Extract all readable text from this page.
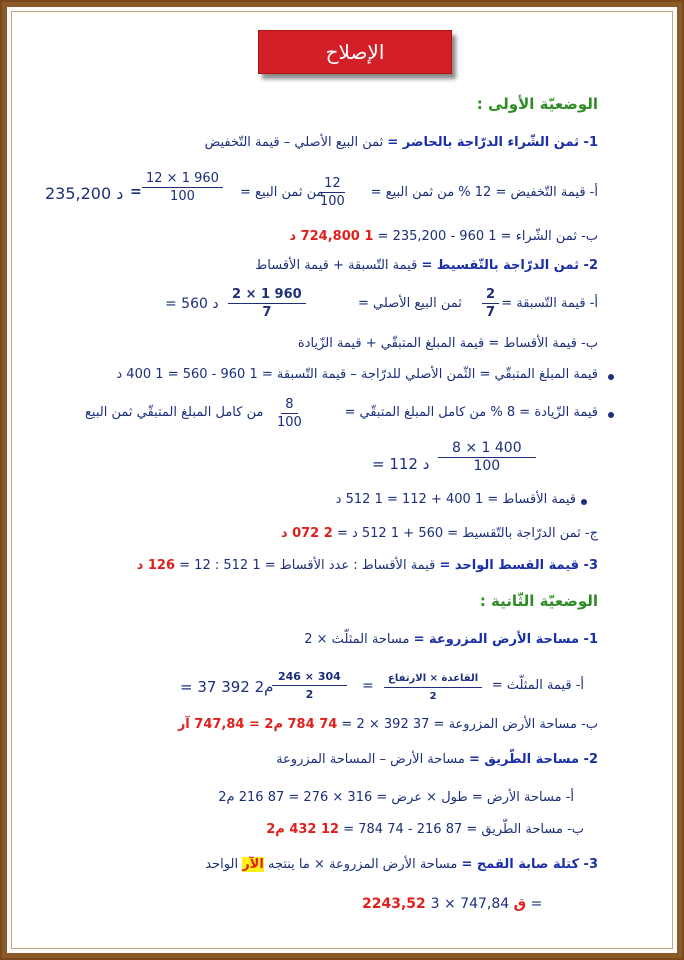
الإصلاح
الوضعيّة الأولى :
1- ثمن الشّراء الدرّاجة بالحاضر = ثمن البيع الأصلي – قيمة التّخفيض
أ- قيمة التّخفيض = 12 % من ثمن البيع =
$\frac{12}{100}$
من ثمن البيع =
$\frac{12 \times 1 960}{100}$
=
235,200 د
ب- ثمن الشّراء = 1 960 - 235,200 = 1 724,800 د
2- ثمن الدرّاجة بالتّقسيط = قيمة التّسبقة + قيمة الأقساط
أ- قيمة التّسبقة =
$\frac{2}{7}$
ثمن البيع الأصلي =
$\frac{2 \times 1 960}{7}$
= 560 د
ب- قيمة الأقساط = قيمة المبلغ المتبقّي + قيمة الزّيادة
قيمة المبلغ المتبقّي = الثّمن الأصلي للدرّاجة – قيمة التّسبقة = 1 960 - 560 = 1 400 د
قيمة الزّيادة = 8 % من كامل المبلغ المتبقّي =
$\frac{8}{100}$
من كامل المبلغ المتبقّي ثمن البيع
$\frac{8 \times 1 400}{100}$
= 112 د
قيمة الأقساط = 1 400 + 112 = 1 512 د
ج- ثمن الدرّاجة بالتّقسيط = 560 + 1 512 د = 2 072 د
3- قيمة القسط الواحد = قيمة الأقساط : عدد الأقساط = 1 512 : 12 = 126 د
الوضعيّة الثّانية :
1- مساحة الأرض المزروعة = مساحة المثلّث × 2
أ- قيمة المثلّث =
القاعدة × الارتفاع
2
=
$\frac{246 \times 304}{2}$
= 37 392 م2
ب- مساحة الأرض المزروعة = 37 392 × 2 = 74 784 م2 = 747,84 آر
2- مساحة الطّريق = مساحة الأرض – المساحة المزروعة
أ- مساحة الأرض = طول × عرض = 316 × 276 = 87 216 م2
ب- مساحة الطّريق = 87 216 - 74 784 = 12 432 م2
3- كتلة صابة القمح = مساحة الأرض المزروعة × ما ينتجه الآر الواحد
2243,52 ق 747,84 × 3 =
